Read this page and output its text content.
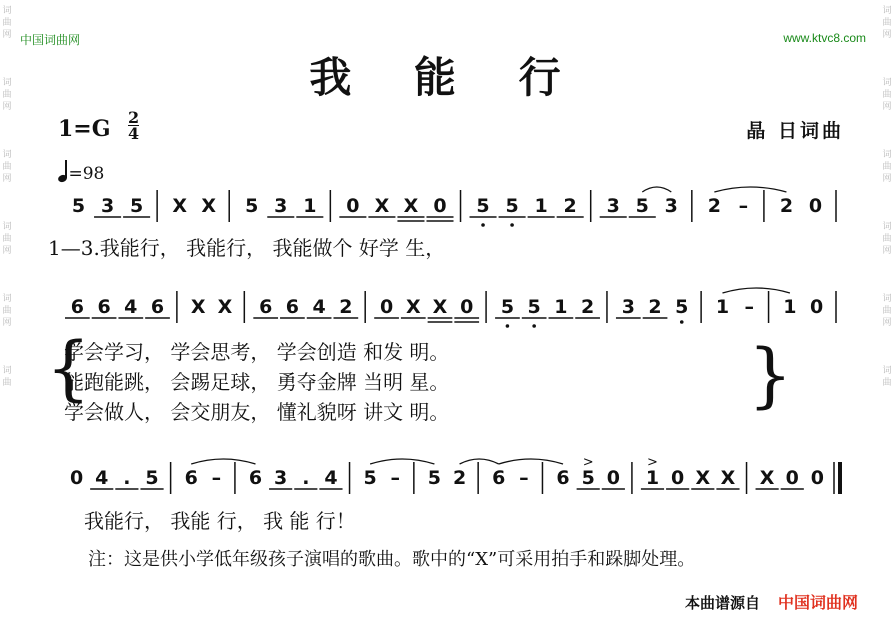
词
曲
网
词
曲
网
词
曲
网
词
曲
网
词
曲
网
词
曲
词
曲
网
词
曲
网
词
曲
网
词
曲
网
词
曲
网
词
曲
中国词曲网	www.ktvc8.com
我 能 行
1=G 2
4	晶 日词曲
=98
5 3 5 X X 5 3 1 0 X X 0 5 5 1 2 3 5 3 2 – 2 0
1—3.我能行， 我能行， 我能做个 好学 生，
6 6 4 6 X X 6 6 4 2 0 X X 0 5 5 1 2 3 2 5 1 – 1 0
{
学会学习， 学会思考， 学会创造 和发 明。
能跑能跳， 会踢足球， 勇夺金牌 当明 星。
学会做人， 会交朋友， 懂礼貌呀 讲文 明。	}
0 4 . 5 6 – 6 3 . 4 5 – 5 2 6 – 6 5
>
0 1
>
0 X X X 0 0
我能行， 我能 行， 我 能 行！
注：这是供小学低年级孩子演唱的歌曲。歌中的“X”可采用拍手和跺脚处理。
本曲谱源自 中国词曲网
